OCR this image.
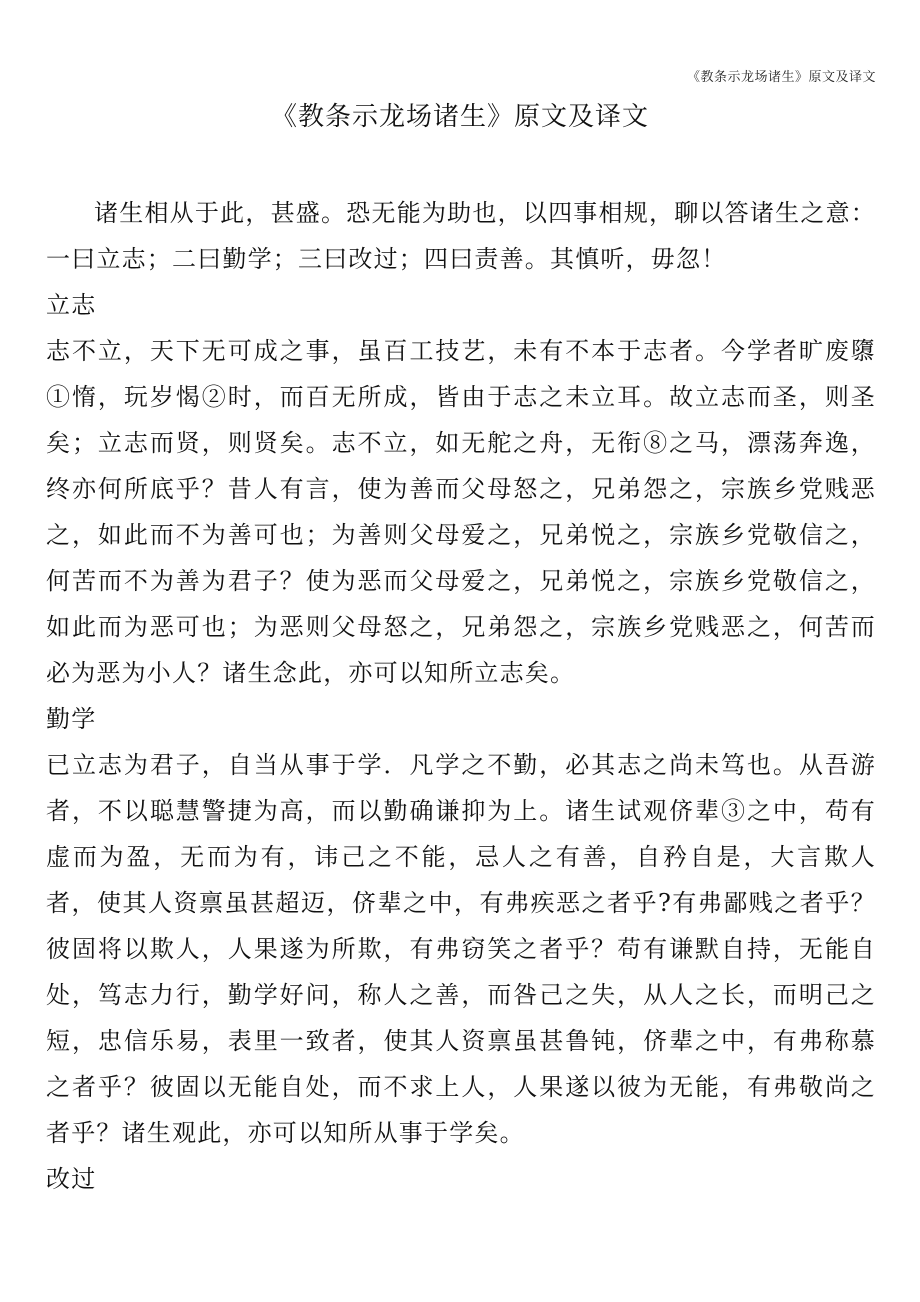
《教条示龙场诸生》原文及译文
《教条示龙场诸生》原文及译文

诸生相从于此，甚盛。恐无能为助也，以四事相规，聊以答诸生之意：一曰立志；二曰勤学；三曰改过；四曰责善。其慎听，毋忽！

立志

志不立，天下无可成之事，虽百工技艺，未有不本于志者。今学者旷废隳①惰，玩岁愒②时，而百无所成，皆由于志之未立耳。故立志而圣，则圣矣；立志而贤，则贤矣。志不立，如无舵之舟，无衔⑧之马，漂荡奔逸，终亦何所底乎？昔人有言，使为善而父母怒之，兄弟怨之，宗族乡党贱恶之，如此而不为善可也；为善则父母爱之，兄弟悦之，宗族乡党敬信之，何苦而不为善为君子？使为恶而父母爱之，兄弟悦之，宗族乡党敬信之，如此而为恶可也；为恶则父母怒之，兄弟怨之，宗族乡党贱恶之，何苦而必为恶为小人？诸生念此，亦可以知所立志矣。

勤学

已立志为君子，自当从事于学．凡学之不勤，必其志之尚未笃也。从吾游者，不以聪慧警捷为高，而以勤确谦抑为上。诸生试观侪辈③之中，苟有虚而为盈，无而为有，讳己之不能，忌人之有善，自矜自是，大言欺人者，使其人资禀虽甚超迈，侪辈之中，有弗疾恶之者乎?有弗鄙贱之者乎？彼固将以欺人，人果遂为所欺，有弗窃笑之者乎？苟有谦默自持，无能自处，笃志力行，勤学好问，称人之善，而咎己之失，从人之长，而明己之短，忠信乐易，表里一致者，使其人资禀虽甚鲁钝，侪辈之中，有弗称慕之者乎？彼固以无能自处，而不求上人，人果遂以彼为无能，有弗敬尚之者乎？诸生观此，亦可以知所从事于学矣。

改过
